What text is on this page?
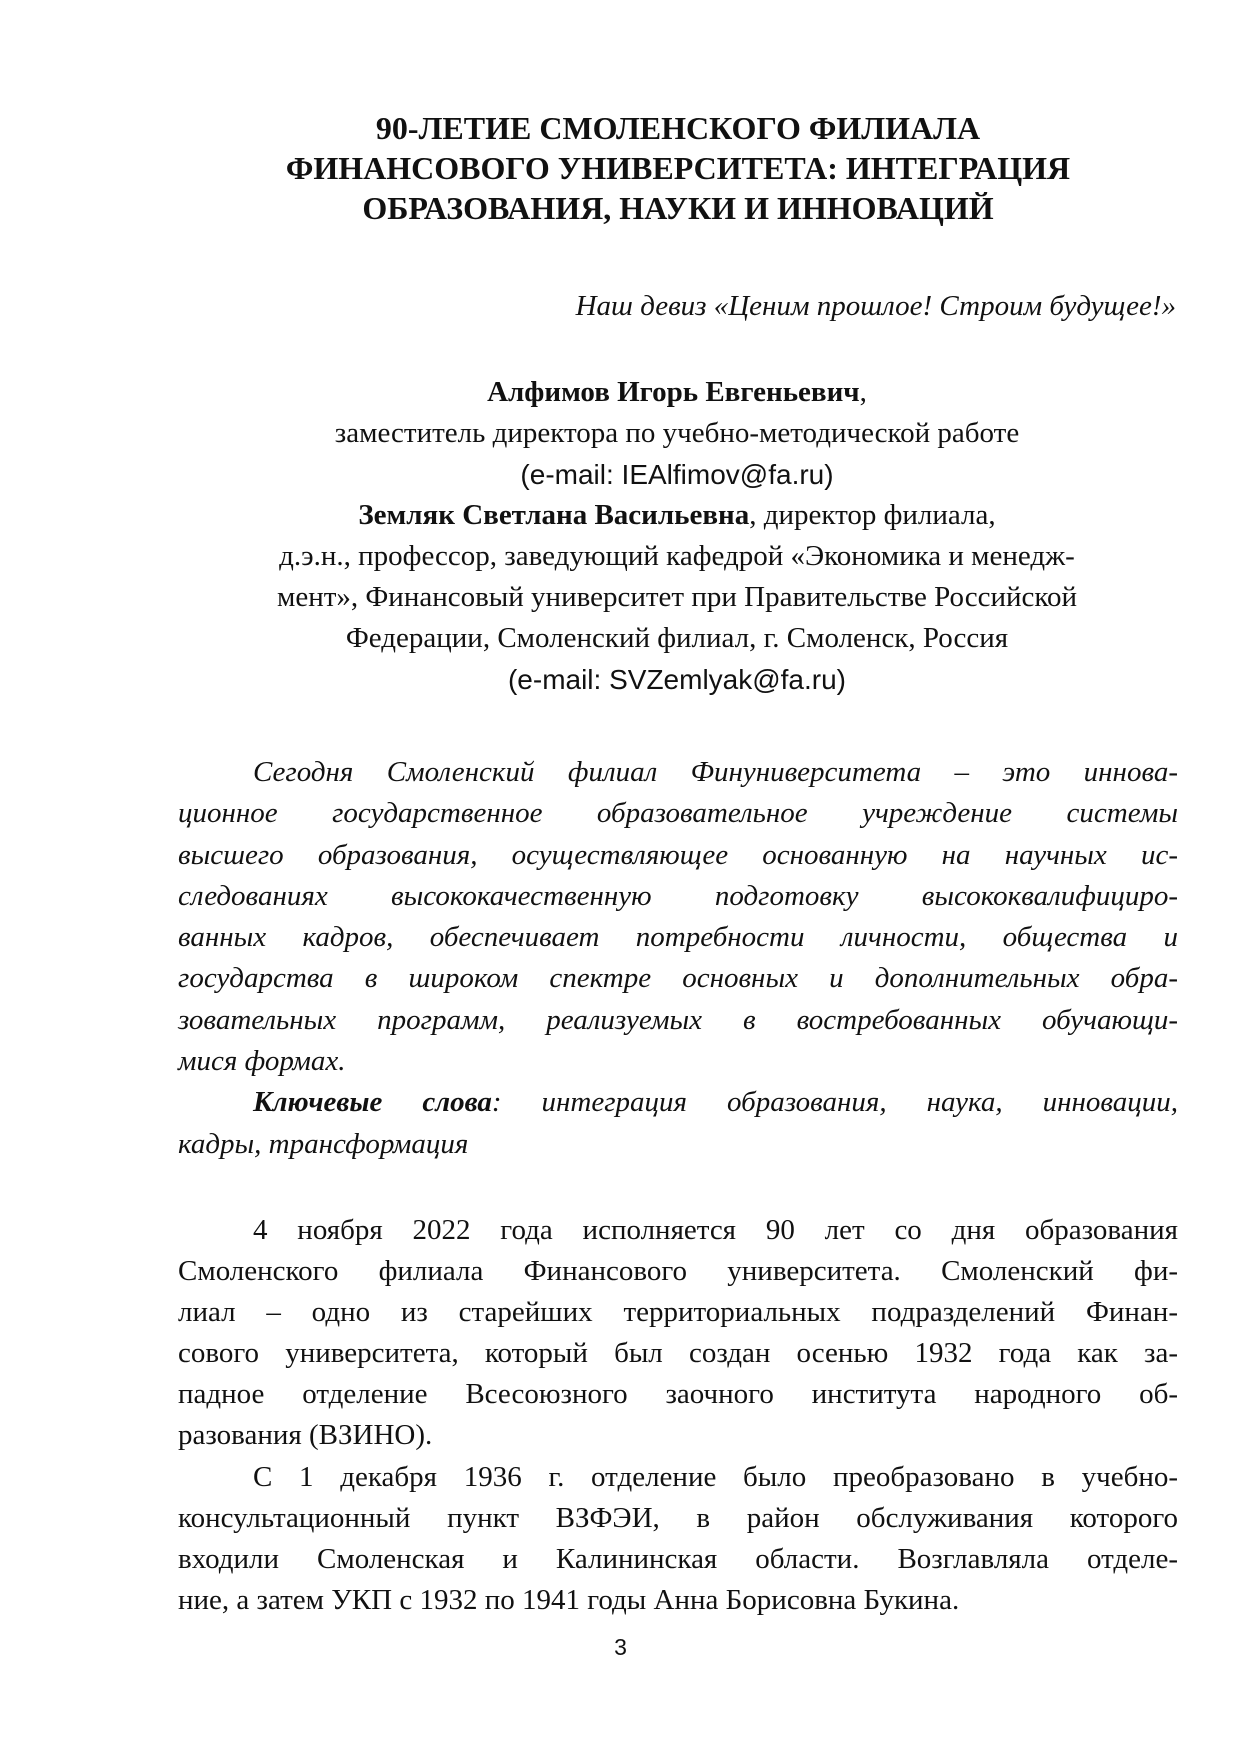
90-ЛЕТИЕ СМОЛЕНСКОГО ФИЛИАЛА
ФИНАНСОВОГО УНИВЕРСИТЕТА: ИНТЕГРАЦИЯ
ОБРАЗОВАНИЯ, НАУКИ И ИННОВАЦИЙ
Наш девиз «Ценим прошлое! Строим будущее!»
Алфимов Игорь Евгеньевич,
заместитель директора по учебно-методической работе
(e-mail: IEAlfimov@fa.ru)
Земляк Светлана Васильевна, директор филиала,
д.э.н., профессор, заведующий кафедрой «Экономика и менедж-
мент», Финансовый университет при Правительстве Российской
Федерации, Смоленский филиал, г. Смоленск, Россия
(e-mail: SVZemlyak@fa.ru)
Сегодня Смоленский филиал Финуниверситета – это иннова-
ционное государственное образовательное учреждение системы
высшего образования, осуществляющее основанную на научных ис-
следованиях высококачественную подготовку высококвалифициро-
ванных кадров, обеспечивает потребности личности, общества и
государства в широком спектре основных и дополнительных обра-
зовательных программ, реализуемых в востребованных обучающи-
мися формах.
Ключевые слова: интеграция образования, наука, инновации,
кадры, трансформация
4 ноября 2022 года исполняется 90 лет со дня образования
Смоленского филиала Финансового университета. Смоленский фи-
лиал – одно из старейших территориальных подразделений Финан-
сового университета, который был создан осенью 1932 года как за-
падное отделение Всесоюзного заочного института народного об-
разования (ВЗИНО).
С 1 декабря 1936 г. отделение было преобразовано в учебно-
консультационный пункт ВЗФЭИ, в район обслуживания которого
входили Смоленская и Калининская области. Возглавляла отделе-
ние, а затем УКП с 1932 по 1941 годы Анна Борисовна Букина.
3
